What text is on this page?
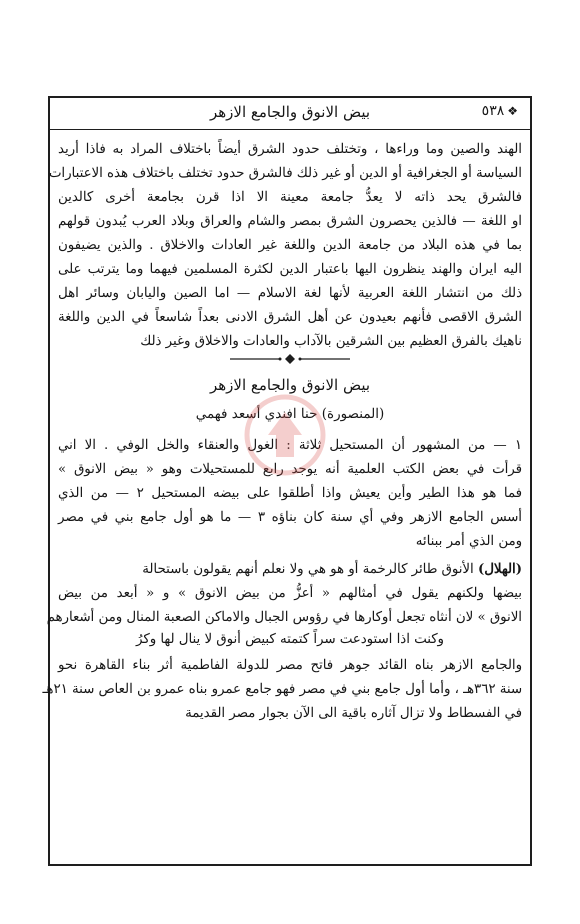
❖٥٣٨
بيض الانوق والجامع الازهر
الهند والصين وما وراءها ، وتختلف حدود الشرق أيضاً باختلاف المراد به فاذا أريد
السياسة أو الجغرافية أو الدين أو غير ذلك فالشرق حدود تختلف باختلاف هذه الاعتبارات
فالشرق يحد ذاته لا يعدُّ جامعة معينة الا اذا قرن بجامعة أخرى كالدين
او اللغة — فالذين يحصرون الشرق بمصر والشام والعراق وبلاد العرب يُبدون قولهم
بما في هذه البلاد من جامعة الدين واللغة غير العادات والاخلاق . والذين يضيفون
اليه ايران والهند ينظرون اليها باعتبار الدين لكثرة المسلمين فيهما وما يترتب على
ذلك من انتشار اللغة العربية لأنها لغة الاسلام — اما الصين واليابان وسائر اهل
الشرق الاقصى فأنهم بعيدون عن أهل الشرق الادنى بعداً شاسعاً في الدين واللغة
ناهيك بالفرق العظيم بين الشرقين بالآداب والعادات والاخلاق وغير ذلك
بيض الانوق والجامع الازهر
(المنصورة) حنا افندي أسعد فهمي
١ — من المشهور أن المستحيل ثلاثة : الغول والعنقاء والخل الوفي . الا اني
قرأت في بعض الكتب العلمية أنه يوجد رابع للمستحيلات وهو « بيض الانوق »
فما هو هذا الطير وأين يعيش واذا أطلقوا على بيضه المستحيل ٢ — من الذي
أسس الجامع الازهر وفي أي سنة كان بناؤه ٣ — ما هو أول جامع بني في مصر
ومن الذي أمر ببنائه
(الهلال) الأنوق طائر كالرخمة أو هو هي ولا نعلم أنهم يقولون باستحالة
بيضها ولكنهم يقول في أمثالهم « أعزُّ من بيض الانوق » و « أبعد من بيض
الانوق » لان أنثاه تجعل أوكارها في رؤوس الجبال والاماكن الصعبة المنال ومن أشعارهم
وكنت اذا استودعت سراً كتمته كبيض أنوق لا ينال لها وكرُ
والجامع الازهر بناه القائد جوهر فاتح مصر للدولة الفاطمية أثر بناء القاهرة نحو
سنة ٣٦٢هـ ، وأما أول جامع بني في مصر فهو جامع عمرو بناه عمرو بن العاص سنة ٢١هـ
في الفسطاط ولا تزال آثاره باقية الى الآن بجوار مصر القديمة
